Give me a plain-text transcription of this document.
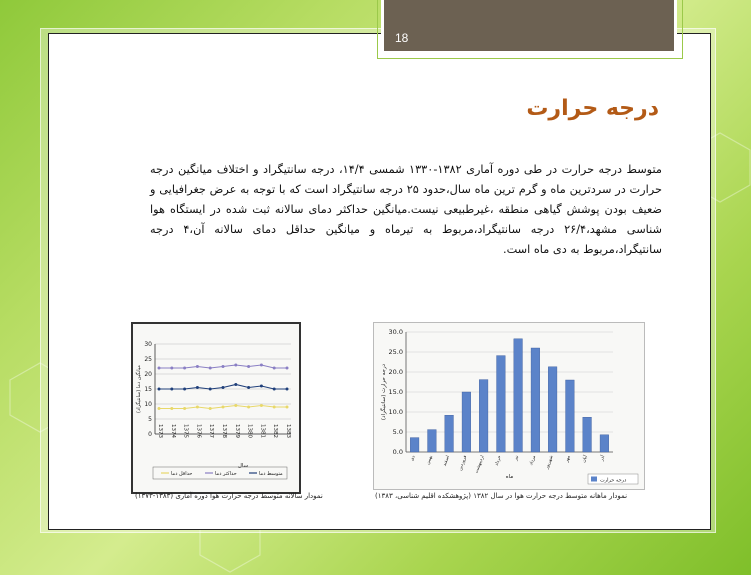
18
درجه حرارت
متوسط درجه حرارت در طی دوره آماری ۱۳۸۲-۱۳۳۰ شمسی ۱۴/۴، درجه سانتیگراد و اختلاف میانگین درجه حرارت در سردترین ماه و گرم ترین ماه سال،حدود ۲۵ درجه سانتیگراد است که با توجه به عرض جغرافیایی و ضعیف بودن پوشش گیاهی منطقه ،غیرطبیعی نیست.میانگین حداکثر دمای سالانه ثبت شده در ایستگاه هوا شناسی مشهد،۲۶/۴ درجه سانتیگراد،مربوط به تیرماه و میانگین حداقل دمای سالانه آن،۴ درجه سانتیگراد،مربوط به دی ماه است.
0
5
10
15
20
25
30
میانگین دما (سانتیگراد)
1373 1374 1375 1376 1377 1378 1379 1380 1381 1382 1383
سال
حداقل دما	حداکثر دما	متوسط دما
نمودار سالانه متوسط درجه حرارت هوا دوره آماری (۱۳۸۳-۱۳۷۳)
0.0
5.0
10.0
15.0
20.0
25.0
30.0
درجه حرارت (سانتیگراد)
دی بهمن اسفند فروردین اردیبهشت خرداد تیر مرداد شهریور مهر آبان آذر
ماه
درجه حرارت
نمودار ماهانه متوسط درجه حرارت هوا در سال ۱۳۸۲ (پژوهشکده اقلیم شناسی، ۱۳۸۳)
